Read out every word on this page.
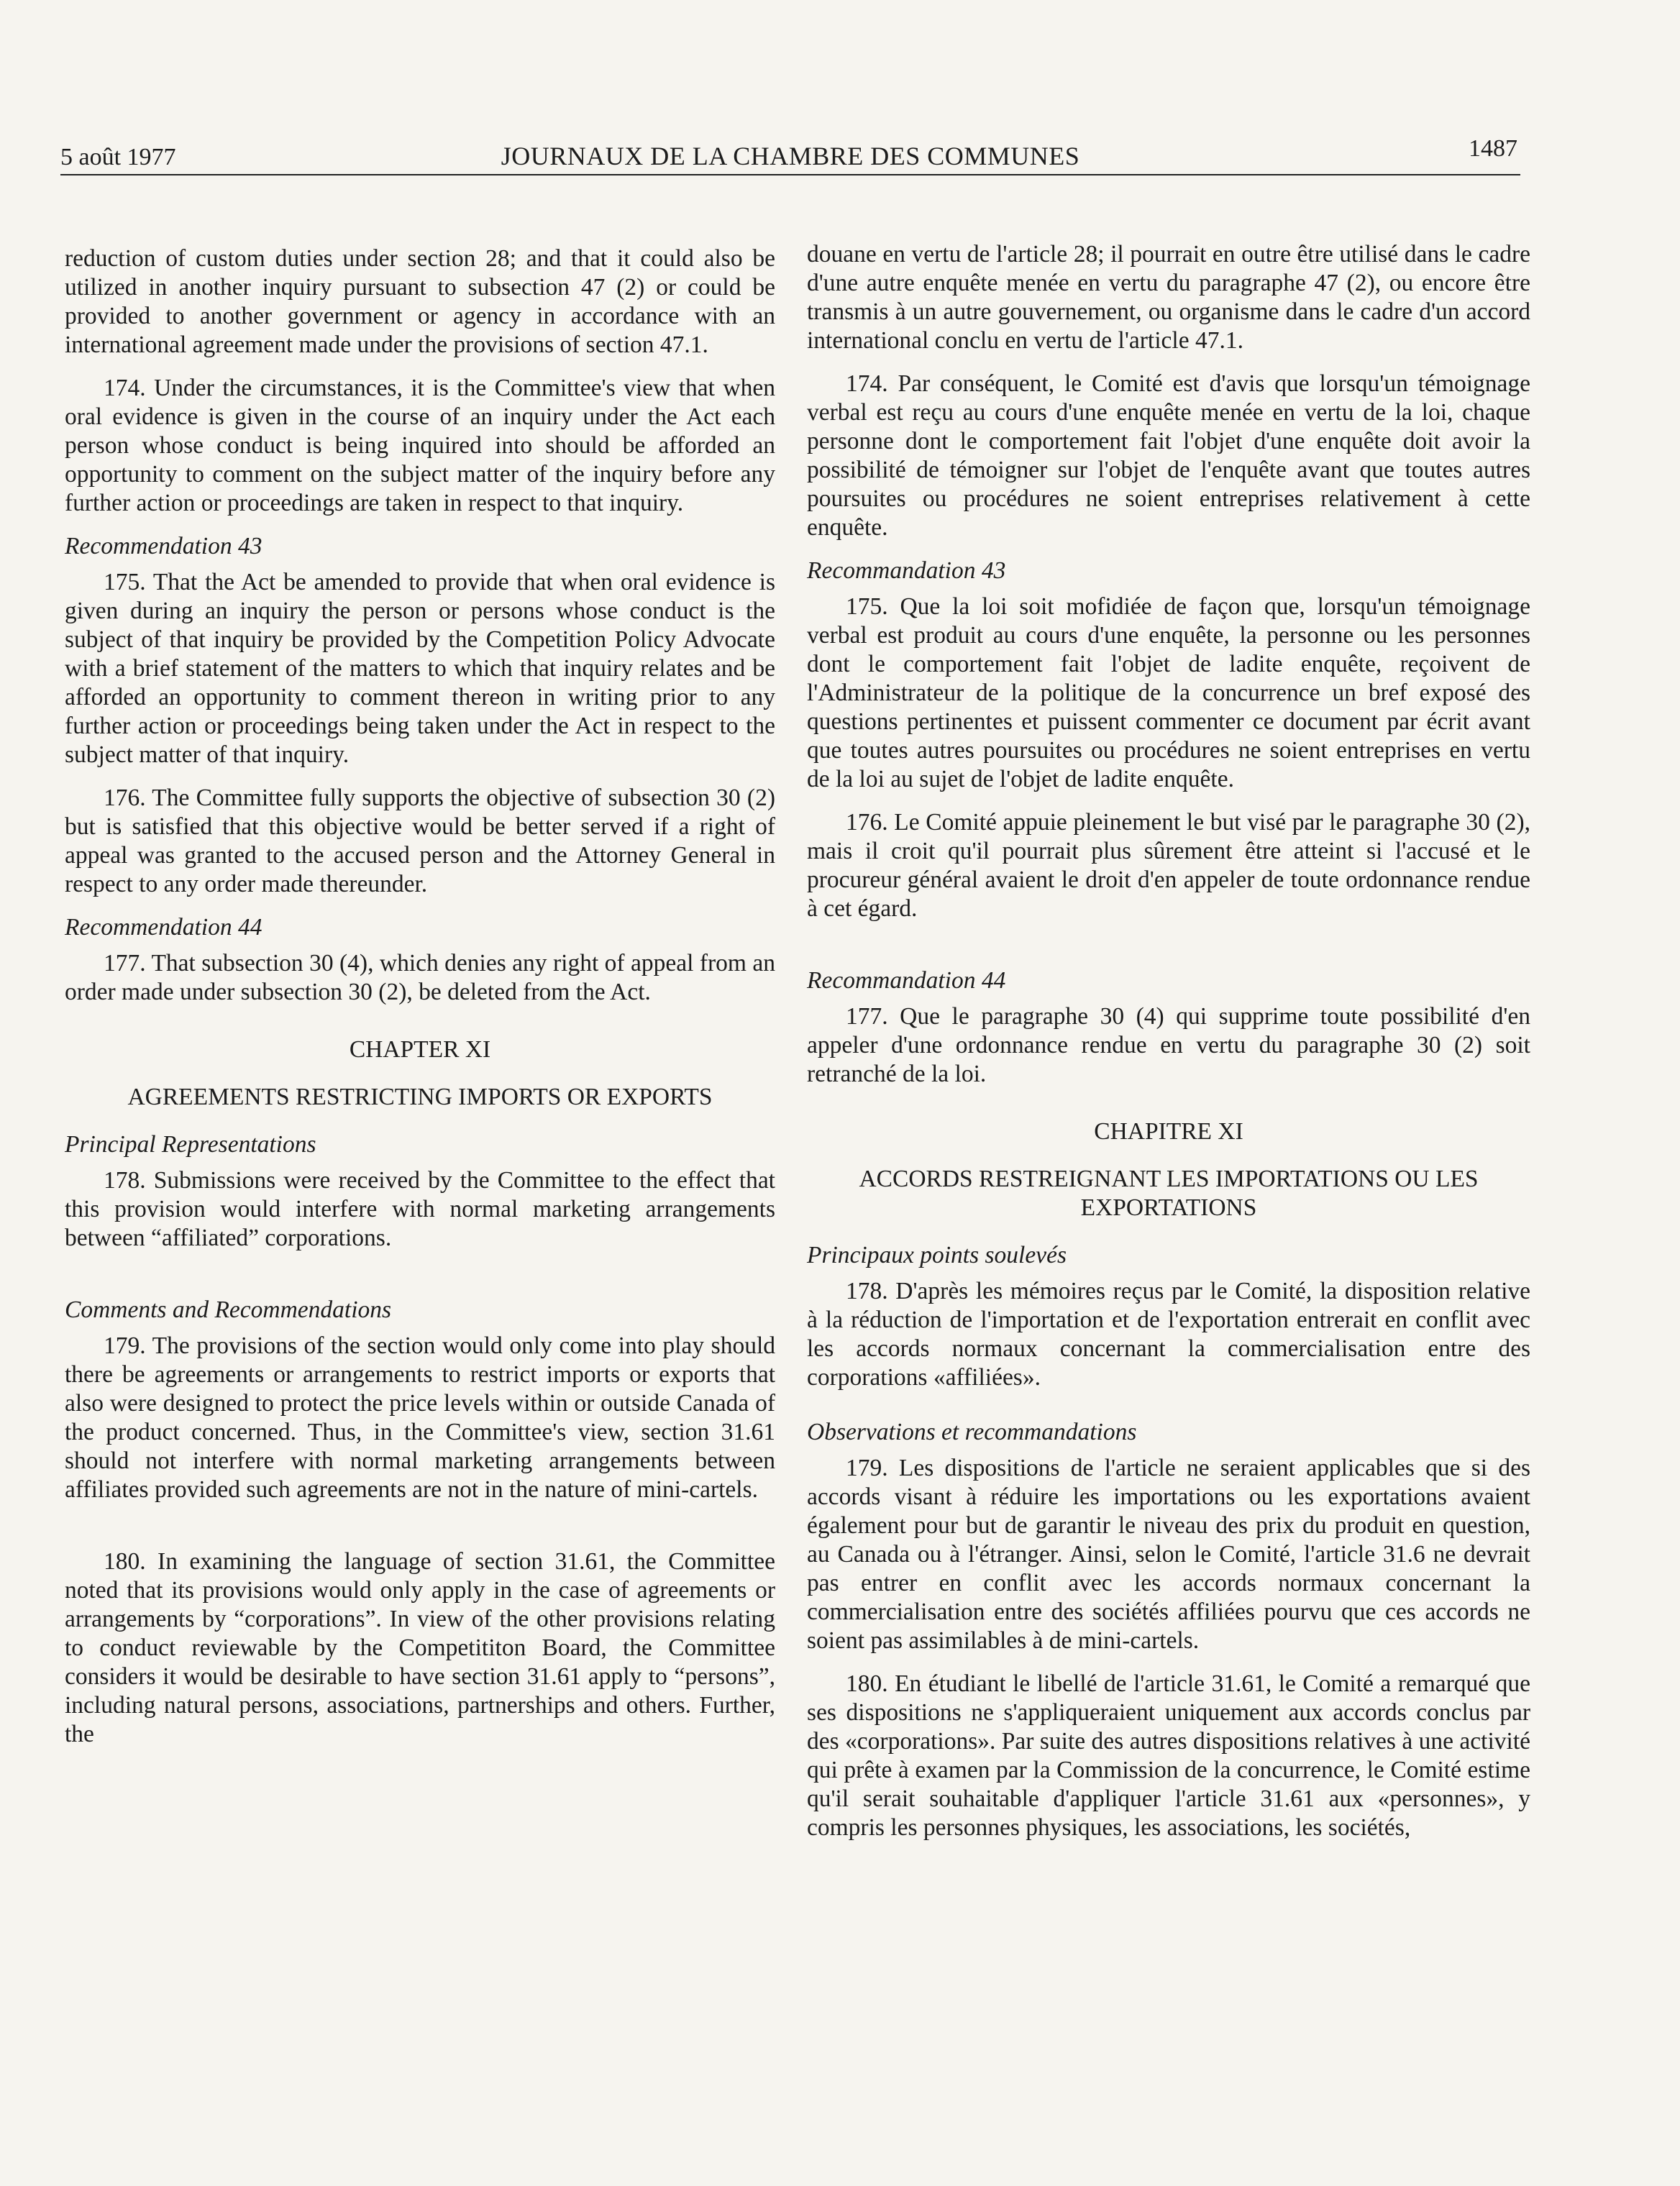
5 août 1977	JOURNAUX DE LA CHAMBRE DES COMMUNES	1487

reduction of custom duties under section 28; and that it could also be utilized in another inquiry pursuant to subsection 47 (2) or could be provided to another government or agency in accordance with an international agreement made under the provisions of section 47.1.

174. Under the circumstances, it is the Committee's view that when oral evidence is given in the course of an inquiry under the Act each person whose conduct is being inquired into should be afforded an opportunity to comment on the subject matter of the inquiry before any further action or proceedings are taken in respect to that inquiry.

Recommendation 43

175. That the Act be amended to provide that when oral evidence is given during an inquiry the person or persons whose conduct is the subject of that inquiry be provided by the Competition Policy Advocate with a brief statement of the matters to which that inquiry relates and be afforded an opportunity to comment thereon in writing prior to any further action or proceedings being taken under the Act in respect to the subject matter of that inquiry.

176. The Committee fully supports the objective of subsection 30 (2) but is satisfied that this objective would be better served if a right of appeal was granted to the accused person and the Attorney General in respect to any order made thereunder.

Recommendation 44

177. That subsection 30 (4), which denies any right of appeal from an order made under subsection 30 (2), be deleted from the Act.

CHAPTER XI

AGREEMENTS RESTRICTING IMPORTS OR EXPORTS

Principal Representations

178. Submissions were received by the Committee to the effect that this provision would interfere with normal marketing arrangements between “affiliated” corporations.

Comments and Recommendations

179. The provisions of the section would only come into play should there be agreements or arrangements to restrict imports or exports that also were designed to protect the price levels within or outside Canada of the product concerned. Thus, in the Committee's view, section 31.61 should not interfere with normal marketing arrangements between affiliates provided such agreements are not in the nature of mini-cartels.

180. In examining the language of section 31.61, the Committee noted that its provisions would only apply in the case of agreements or arrangements by “corporations”. In view of the other provisions relating to conduct reviewable by the Competititon Board, the Committee considers it would be desirable to have section 31.61 apply to “persons”, including natural persons, associations, partnerships and others. Further, the

douane en vertu de l'article 28; il pourrait en outre être utilisé dans le cadre d'une autre enquête menée en vertu du paragraphe 47 (2), ou encore être transmis à un autre gouvernement, ou organisme dans le cadre d'un accord international conclu en vertu de l'article 47.1.

174. Par conséquent, le Comité est d'avis que lorsqu'un témoignage verbal est reçu au cours d'une enquête menée en vertu de la loi, chaque personne dont le comportement fait l'objet d'une enquête doit avoir la possibilité de témoigner sur l'objet de l'enquête avant que toutes autres poursuites ou procédures ne soient entreprises relativement à cette enquête.

Recommandation 43

175. Que la loi soit mofidiée de façon que, lorsqu'un témoignage verbal est produit au cours d'une enquête, la personne ou les personnes dont le comportement fait l'objet de ladite enquête, reçoivent de l'Administrateur de la politique de la concurrence un bref exposé des questions pertinentes et puissent commenter ce document par écrit avant que toutes autres poursuites ou procédures ne soient entreprises en vertu de la loi au sujet de l'objet de ladite enquête.

176. Le Comité appuie pleinement le but visé par le paragraphe 30 (2), mais il croit qu'il pourrait plus sûrement être atteint si l'accusé et le procureur général avaient le droit d'en appeler de toute ordonnance rendue à cet égard.

Recommandation 44

177. Que le paragraphe 30 (4) qui supprime toute possibilité d'en appeler d'une ordonnance rendue en vertu du paragraphe 30 (2) soit retranché de la loi.

CHAPITRE XI

ACCORDS RESTREIGNANT LES IMPORTATIONS OU LES EXPORTATIONS

Principaux points soulevés

178. D'après les mémoires reçus par le Comité, la disposition relative à la réduction de l'importation et de l'exportation entrerait en conflit avec les accords normaux concernant la commercialisation entre des corporations «affiliées».

Observations et recommandations

179. Les dispositions de l'article ne seraient applicables que si des accords visant à réduire les importations ou les exportations avaient également pour but de garantir le niveau des prix du produit en question, au Canada ou à l'étranger. Ainsi, selon le Comité, l'article 31.6 ne devrait pas entrer en conflit avec les accords normaux concernant la commercialisation entre des sociétés affiliées pourvu que ces accords ne soient pas assimilables à de mini-cartels.

180. En étudiant le libellé de l'article 31.61, le Comité a remarqué que ses dispositions ne s'appliqueraient uniquement aux accords conclus par des «corporations». Par suite des autres dispositions relatives à une activité qui prête à examen par la Commission de la concurrence, le Comité estime qu'il serait souhaitable d'appliquer l'article 31.61 aux «personnes», y compris les personnes physiques, les associations, les sociétés,
